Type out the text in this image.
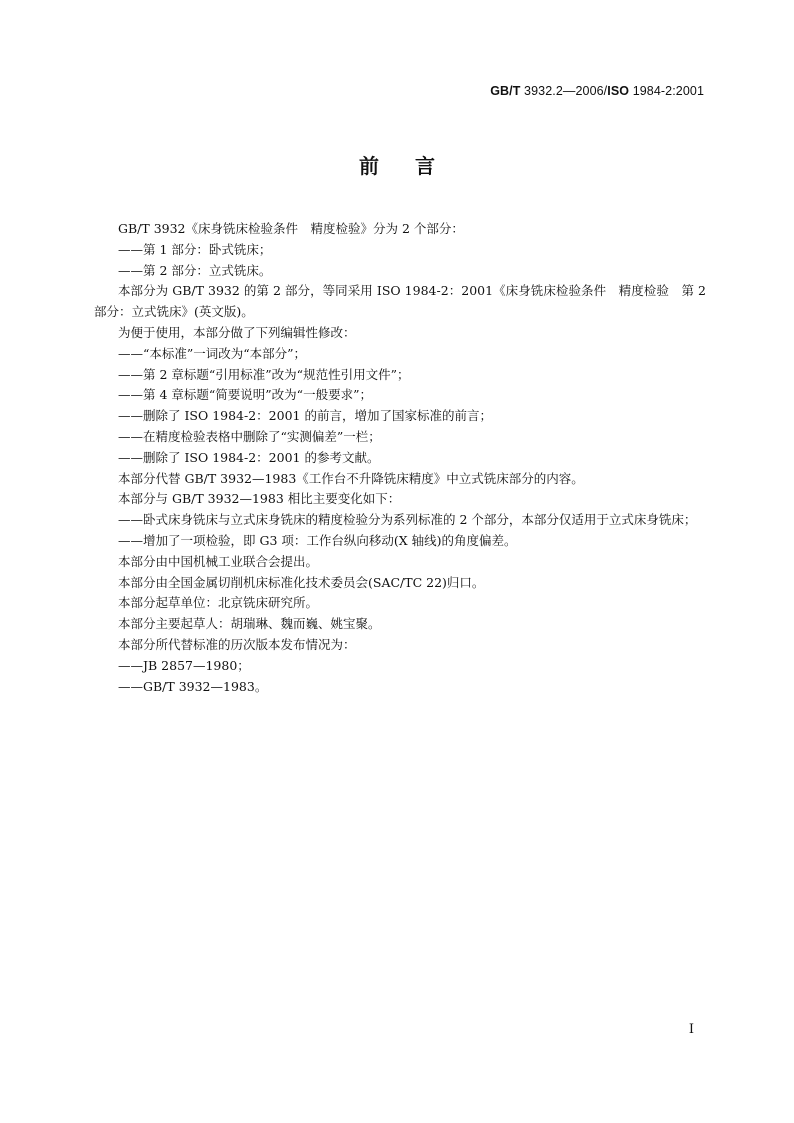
GB/T 3932.2—2006/ISO 1984-2:2001
前言

GB/T 3932《床身铣床检验条件　精度检验》分为 2 个部分：

——第 1 部分：卧式铣床；

——第 2 部分：立式铣床。

本部分为 GB/T 3932 的第 2 部分，等同采用 ISO 1984-2：2001《床身铣床检验条件　精度检验　第 2 部分：立式铣床》(英文版)。

为便于使用，本部分做了下列编辑性修改：

——“本标准”一词改为“本部分”；

——第 2 章标题“引用标准”改为“规范性引用文件”；

——第 4 章标题“简要说明”改为“一般要求”；

——删除了 ISO 1984-2：2001 的前言，增加了国家标准的前言；

——在精度检验表格中删除了“实测偏差”一栏；

——删除了 ISO 1984-2：2001 的参考文献。

本部分代替 GB/T 3932—1983《工作台不升降铣床精度》中立式铣床部分的内容。

本部分与 GB/T 3932—1983 相比主要变化如下：

——卧式床身铣床与立式床身铣床的精度检验分为系列标准的 2 个部分，本部分仅适用于立式床身铣床；

——增加了一项检验，即 G3 项：工作台纵向移动(X 轴线)的角度偏差。

本部分由中国机械工业联合会提出。

本部分由全国金属切削机床标准化技术委员会(SAC/TC 22)归口。

本部分起草单位：北京铣床研究所。

本部分主要起草人：胡瑞琳、魏而巍、姚宝聚。

本部分所代替标准的历次版本发布情况为：

——JB 2857—1980；

——GB/T 3932—1983。

I
